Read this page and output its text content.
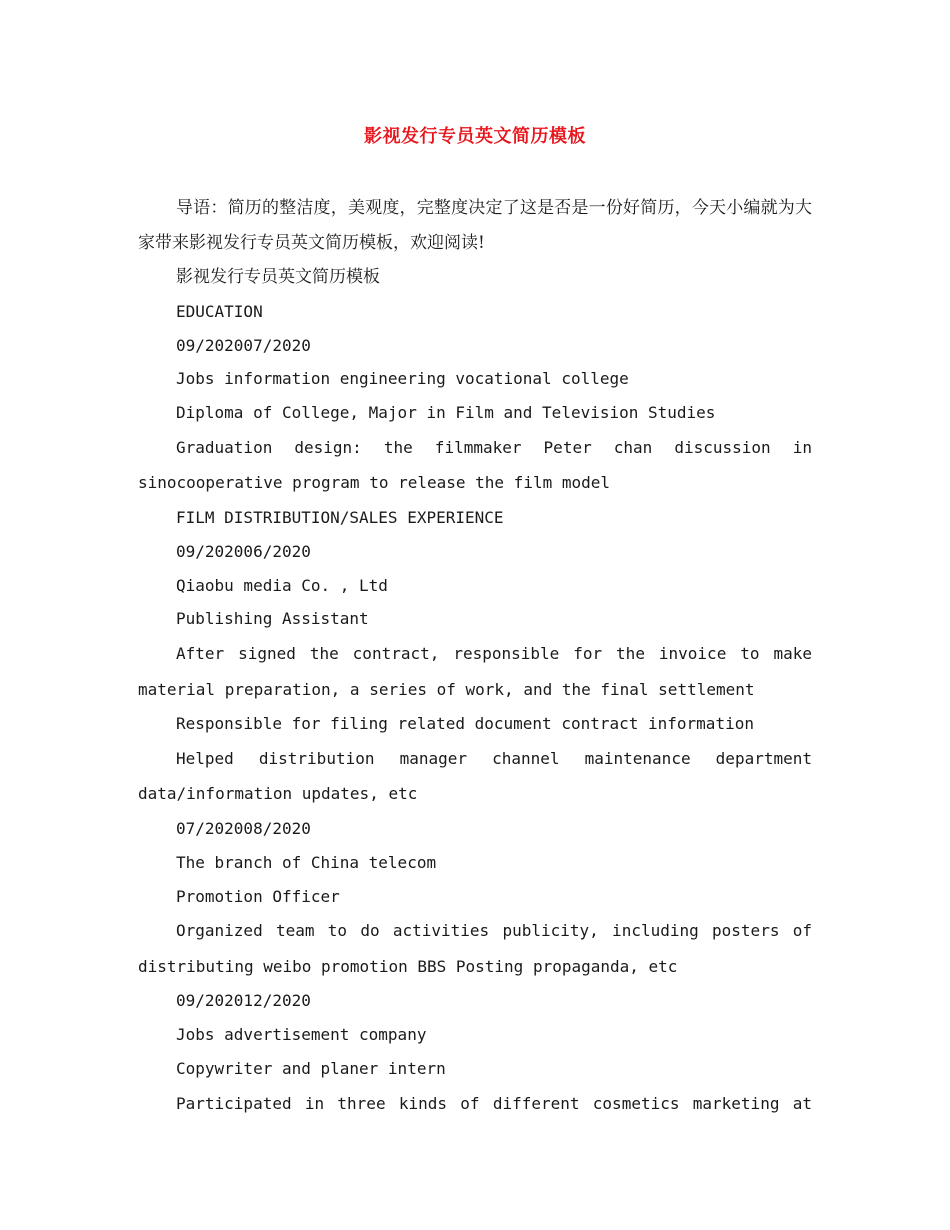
影视发行专员英文简历模板

导语：简历的整洁度，美观度，完整度决定了这是否是一份好简历，今天小编就为大家带来影视发行专员英文简历模板，欢迎阅读!

影视发行专员英文简历模板

EDUCATION

09/202007/2020

Jobs information engineering vocational college

Diploma of College, Major in Film and Television Studies

Graduation design: the filmmaker Peter chan discussion in sinocooperative program to release the film model

FILM DISTRIBUTION/SALES EXPERIENCE

09/202006/2020

Qiaobu media Co. , Ltd

Publishing Assistant

After signed the contract, responsible for the invoice to make material preparation, a series of work, and the final settlement

Responsible for filing related document contract information

Helped distribution manager channel maintenance department data/information updates, etc

07/202008/2020

The branch of China telecom

Promotion Officer

Organized team to do activities publicity, including posters of distributing weibo promotion BBS Posting propaganda, etc

09/202012/2020

Jobs advertisement company

Copywriter and planer intern

Participated in three kinds of different cosmetics marketing at
